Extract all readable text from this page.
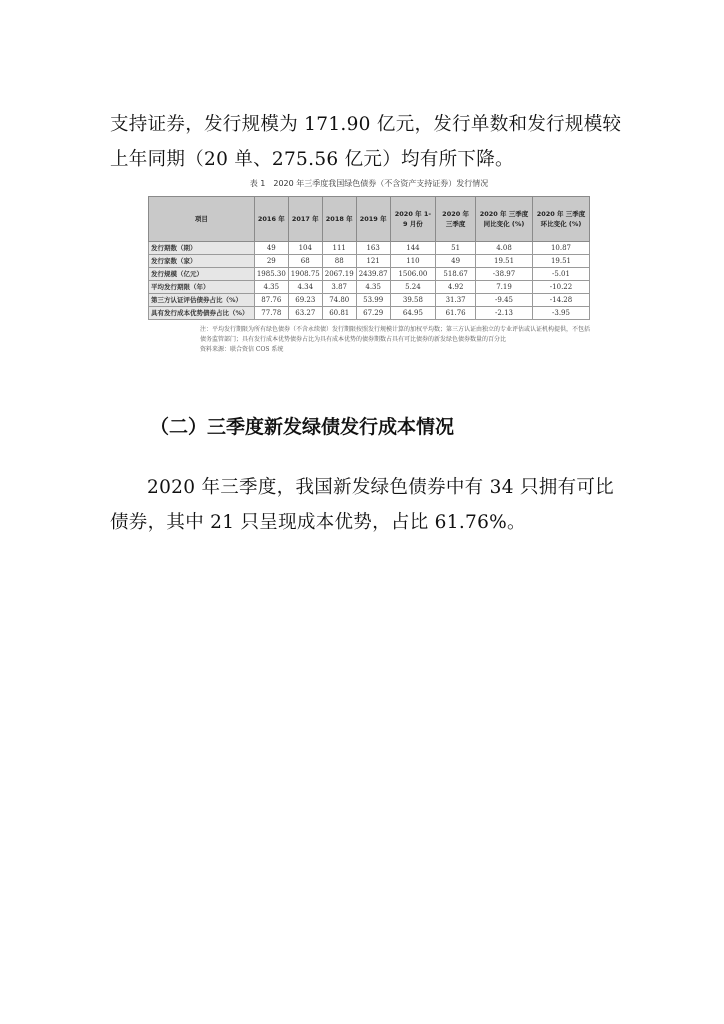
支持证券，发行规模为 171.90 亿元，发行单数和发行规模较上年同期（20 单、275.56 亿元）均有所下降。

表 1　2020 年三季度我国绿色债券（不含资产支持证券）发行情况
项目	2016 年	2017 年	2018 年	2019 年	2020 年 1-9 月份	2020 年 三季度	2020 年 三季度 同比变化 (%)	2020 年 三季度 环比变化 (%)
发行期数（期）	49	104	111	163	144	51	4.08	10.87
发行家数（家）	29	68	88	121	110	49	19.51	19.51
发行规模（亿元）	1985.30	1908.75	2067.19	2439.87	1506.00	518.67	-38.97	-5.01
平均发行期限（年）	4.35	4.34	3.87	4.35	5.24	4.92	7.19	-10.22
第三方认证评估债券占比（%）	87.76	69.23	74.80	53.99	39.58	31.37	-9.45	-14.28
具有发行成本优势债券占比（%）	77.78	63.27	60.81	67.29	64.95	61.76	-2.13	-3.95
注：平均发行期限为所有绿色债券（不含永续债）发行期限按照发行规模计算的加权平均数；第三方认证由独立的专业评估或认证机构提供，不包括债务监管部门；具有发行成本优势债券占比为具有成本优势的债券期数占具有可比债券的新发绿色债券数量的百分比
资料来源：联合资信 COS 系统
（二）三季度新发绿债发行成本情况

2020 年三季度，我国新发绿色债券中有 34 只拥有可比债券，其中 21 只呈现成本优势，占比 61.76%。
